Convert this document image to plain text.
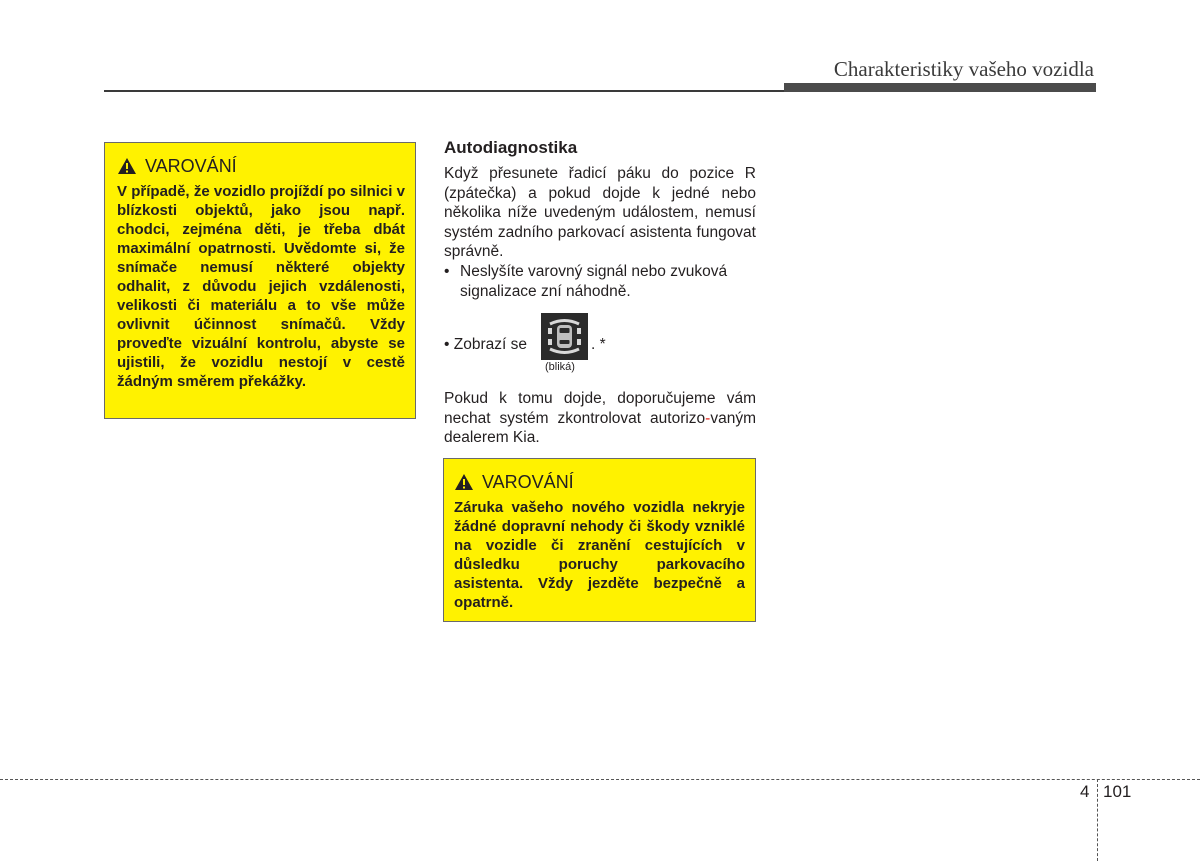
Charakteristiky vašeho vozidla
VAROVÁNÍ
V případě, že vozidlo projíždí po silnici v blízkosti objektů, jako jsou např. chodci, zejména děti, je třeba dbát maximální opatrnosti. Uvědomte si, že snímače nemusí některé objekty odhalit, z důvodu jejich vzdálenosti, velikosti či materiálu a to vše může ovlivnit účinnost snímačů. Vždy proveďte vizuální kontrolu, abyste se ujistili, že vozidlu nestojí v cestě žádným směrem překážky.
Autodiagnostika

Když přesunete řadicí páku do pozice R (zpátečka) a pokud dojde k jedné nebo několika níže uvedeným událostem, nemusí systém zadního parkovací asistenta fungovat správně.

• Neslyšíte varovný signál nebo zvuková signalizace zní náhodně.
• Zobrazí se
(bliká)
. *

Pokud k tomu dojde, doporučujeme vám nechat systém zkontrolovat autorizo-vaným dealerem Kia.

VAROVÁNÍ
Záruka vašeho nového vozidla nekryje žádné dopravní nehody či škody vzniklé na vozidle či zranění cestujících v důsledku poruchy parkovacího asistenta. Vždy jezděte bezpečně a opatrně.
4 101
